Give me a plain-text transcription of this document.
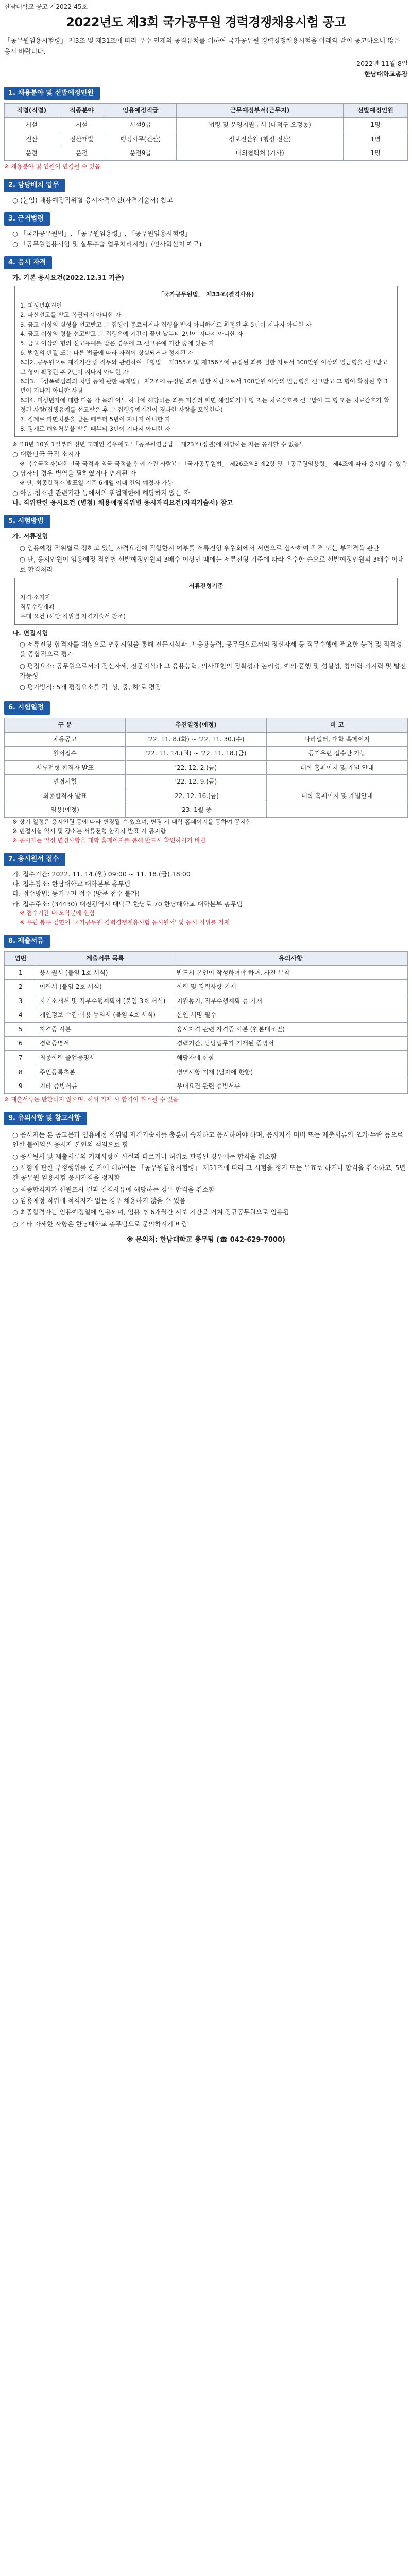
한남대학교 공고 제2022-45호
2022년도 제3회 국가공무원 경력경쟁채용시험 공고
「공무원임용시험령」 제3조 및 제31조에 따라 우수 인재의 공직유치를 위하여 국가공무원 경력경쟁채용시험을 아래와 같이 공고하오니 많은 응시 바랍니다.
2022년 11월 8일
한남대학교총장
1. 채용분야 및 선발예정인원
직렬(직렬)	직종분야	임용예정직급	근무예정부서(근무지)	선발예정인원
시설	시설	시설9급	법령 및 운영지원부서 (대덕구 오정동)	1명
전산	전산개발	행정사무(전산)	정보전산원 (행정 전산)	1명
운전	운전	운전9급	대외협력처 (기사)	1명
※ 채용분야 및 인원이 변경될 수 있음
2. 담당배치 업무
○ (붙임) 채용예정직위별 응시자격요건(자격기술서) 참고
3. 근거법령
○ 「국가공무원법」, 「공무원임용령」, 「공무원임용시험령」
○ 「공무원임용시험 및 실무수습 업무처리지침」(인사혁신처 예규)
4. 응시 자격
가. 기본 응시요건(2022.12.31 기준)
「국가공무원법」 제33조(결격사유)
1. 피성년후견인
2. 파산선고를 받고 복권되지 아니한 자
3. 금고 이상의 실형을 선고받고 그 집행이 종료되거나 집행을 받지 아니하기로 확정된 후 5년이 지나지 아니한 자
4. 금고 이상의 형을 선고받고 그 집행유예 기간이 끝난 날부터 2년이 지나지 아니한 자
5. 금고 이상의 형의 선고유예를 받은 경우에 그 선고유예 기간 중에 있는 자
6. 법원의 판결 또는 다른 법률에 따라 자격이 상실되거나 정지된 자
6의2. 공무원으로 재직기간 중 직무와 관련하여 「형법」 제355조 및 제356조에 규정된 죄를 범한 자로서 300만원 이상의 벌금형을 선고받고 그 형이 확정된 후 2년이 지나지 아니한 자
6의3. 「성폭력범죄의 처벌 등에 관한 특례법」 제2조에 규정된 죄를 범한 사람으로서 100만원 이상의 벌금형을 선고받고 그 형이 확정된 후 3년이 지나지 아니한 사람
6의4. 미성년자에 대한 다음 각 목의 어느 하나에 해당하는 죄를 저질러 파면·해임되거나 형 또는 치료감호를 선고받아 그 형 또는 치료감호가 확정된 사람(집행유예를 선고받은 후 그 집행유예기간이 경과한 사람을 포함한다)
7. 징계로 파면처분을 받은 때부터 5년이 지나지 아니한 자
8. 징계로 해임처분을 받은 때부터 3년이 지나지 아니한 자
※ '18년 10월 1일부터 정년 도래인 경우에도 '「공무원연금법」 제23조(정년)에 해당하는 자는 응시할 수 없음',
○ 대한민국 국적 소지자
※ 복수국적자(대한민국 국적과 외국 국적을 함께 가진 사람)는 「국가공무원법」 제26조의3 제2항 및 「공무원임용령」 제4조에 따라 응시할 수 있음
○ 남자의 경우 병역을 필하였거나 면제된 자
※ 단, 최종합격자 발표일 기준 6개월 이내 전역 예정자 가능
○ 아동·청소년 관련기관 등에서의 취업제한에 해당하지 않는 자
나. 직위관련 응시요건 (별첨) 채용예정직위별 응시자격요건(자격기술서) 참고
5. 시험방법
가. 서류전형
○ 임용예정 직위별로 정하고 있는 자격요건에 적합한지 여부를 서류전형 위원회에서 서면으로 심사하여 적격 또는 부적격을 판단
○ 단, 응시인원이 임용예정 직위별 선발예정인원의 3배수 이상인 때에는 서류전형 기준에 따라 우수한 순으로 선발예정인원의 3배수 이내로 합격처리
서류전형기준
자격·소지자
직무수행계획
우대 요건 (해당 직위별 자격기술서 참조)
나. 면접시험
○ 서류전형 합격자를 대상으로 면접시험을 통해 전문지식과 그 응용능력, 공무원으로서의 정신자세 등 직무수행에 필요한 능력 및 적격성을 종합적으로 평가
○ 평정요소: 공무원으로서의 정신자세, 전문지식과 그 응용능력, 의사표현의 정확성과 논리성, 예의·품행 및 성실성, 창의력·의지력 및 발전가능성
○ 평가방식: 5개 평정요소를 각 '상, 중, 하'로 평정
6. 시험일정
구 분	추진일정(예정)	비 고
채용공고	'22. 11. 8.(화) ~ '22. 11. 30.(수)	나라일터, 대학 홈페이지
원서접수	'22. 11. 14.(월) ~ '22. 11. 18.(금)	등기우편 접수만 가능
서류전형 합격자 발표	'22. 12. 2.(금)	대학 홈페이지 및 개별 안내
면접시험	'22. 12. 9.(금)	
최종합격자 발표	'22. 12. 16.(금)	대학 홈페이지 및 개별안내
임용(예정)	'23. 1월 중	
※ 상기 일정은 응시인원 등에 따라 변경될 수 있으며, 변경 시 대학 홈페이지를 통하여 공지함
※ 면접시험 일시 및 장소는 서류전형 합격자 발표 시 공지함
※ 응시자는 일정 변경사항을 대학 홈페이지를 통해 반드시 확인하시기 바람
7. 응시원서 접수
가. 접수기간: 2022. 11. 14.(월) 09:00 ~ 11. 18.(금) 18:00
나. 접수장소: 한남대학교 대학본부 총무팀
다. 접수방법: 등기우편 접수 (방문 접수 불가)
라. 접수주소: (34430) 대전광역시 대덕구 한남로 70 한남대학교 대학본부 총무팀
※ 접수기간 내 도착분에 한함
※ 우편 봉투 겉면에 '국가공무원 경력경쟁채용시험 응시원서' 및 응시 직위를 기재
8. 제출서류
연번	제출서류 목록	유의사항
1	응시원서 (붙임 1호 서식)	반드시 본인이 작성하여야 하며, 사진 부착
2	이력서 (붙임 2호 서식)	학력 및 경력사항 기재
3	자기소개서 및 직무수행계획서 (붙임 3호 서식)	지원동기, 직무수행계획 등 기재
4	개인정보 수집·이용 동의서 (붙임 4호 서식)	본인 서명 필수
5	자격증 사본	응시자격 관련 자격증 사본 (원본대조필)
6	경력증명서	경력기간, 담당업무가 기재된 증명서
7	최종학력 졸업증명서	해당자에 한함
8	주민등록초본	병역사항 기재 (남자에 한함)
9	기타 증빙서류	우대요건 관련 증빙서류
※ 제출서류는 반환하지 않으며, 허위 기재 시 합격이 취소될 수 있음
9. 유의사항 및 참고사항
○ 응시자는 본 공고문과 임용예정 직위별 자격기술서를 충분히 숙지하고 응시하여야 하며, 응시자격 미비 또는 제출서류의 오기·누락 등으로 인한 불이익은 응시자 본인의 책임으로 함
○ 응시원서 및 제출서류의 기재사항이 사실과 다르거나 허위로 판명된 경우에는 합격을 취소함
○ 시험에 관한 부정행위를 한 자에 대하여는 「공무원임용시험령」 제51조에 따라 그 시험을 정지 또는 무효로 하거나 합격을 취소하고, 5년간 공무원 임용시험 응시자격을 정지함
○ 최종합격자가 신원조사 결과 결격사유에 해당하는 경우 합격을 취소함
○ 임용예정 직위에 적격자가 없는 경우 채용하지 않을 수 있음
○ 최종합격자는 임용예정일에 임용되며, 임용 후 6개월간 시보 기간을 거쳐 정규공무원으로 임용됨
○ 기타 자세한 사항은 한남대학교 총무팀으로 문의하시기 바람
※ 문의처: 한남대학교 총무팀 (☎ 042-629-7000)
